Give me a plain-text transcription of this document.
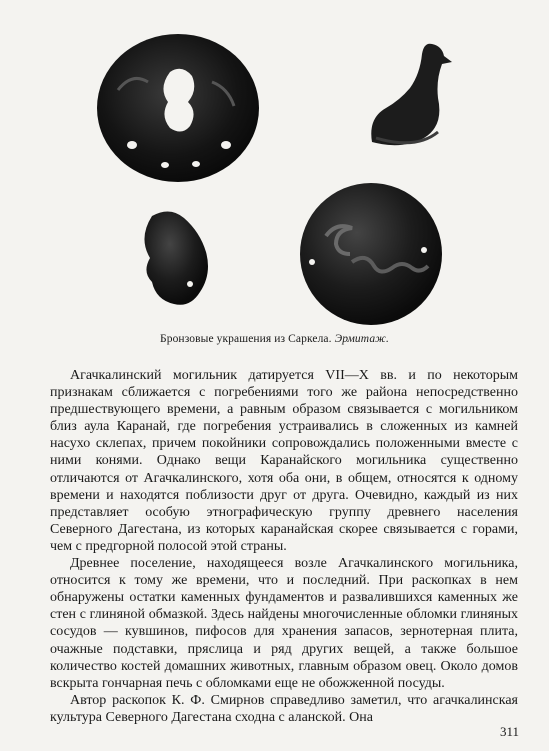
Бронзовые украшения из Саркела. Эрмитаж.

Агачкалинский могильник датируется VII—X вв. и по некоторым признакам сближается с погребениями того же района непосредственно предшествующего времени, а равным образом связывается с могильником близ аула Каранай, где погребения устраивались в сложенных из камней насухо склепах, причем покойники сопровождались положенными вместе с ними конями. Однако вещи Каранайского могильника существенно отличаются от Агачкалинского, хотя оба они, в общем, относятся к одному времени и находятся поблизости друг от друга. Очевидно, каждый из них представляет особую этнографическую группу древнего населения Северного Дагестана, из которых каранайская скорее связывается с горами, чем с предгорной полосой этой страны.

Древнее поселение, находящееся возле Агачкалинского могильника, относится к тому же времени, что и последний. При раскопках в нем обнаружены остатки каменных фундаментов и развалившихся каменных же стен с глиняной обмазкой. Здесь найдены многочисленные обломки глиняных сосудов — кувшинов, пифосов для хранения запасов, зернотерная плита, очажные подставки, пряслица и ряд других вещей, а также большое количество костей домашних животных, главным образом овец. Около домов вскрыта гончарная печь с обломками еще не обожженной посуды.

Автор раскопок К. Ф. Смирнов справедливо заметил, что агачкалинская культура Северного Дагестана сходна с аланской. Она

311
